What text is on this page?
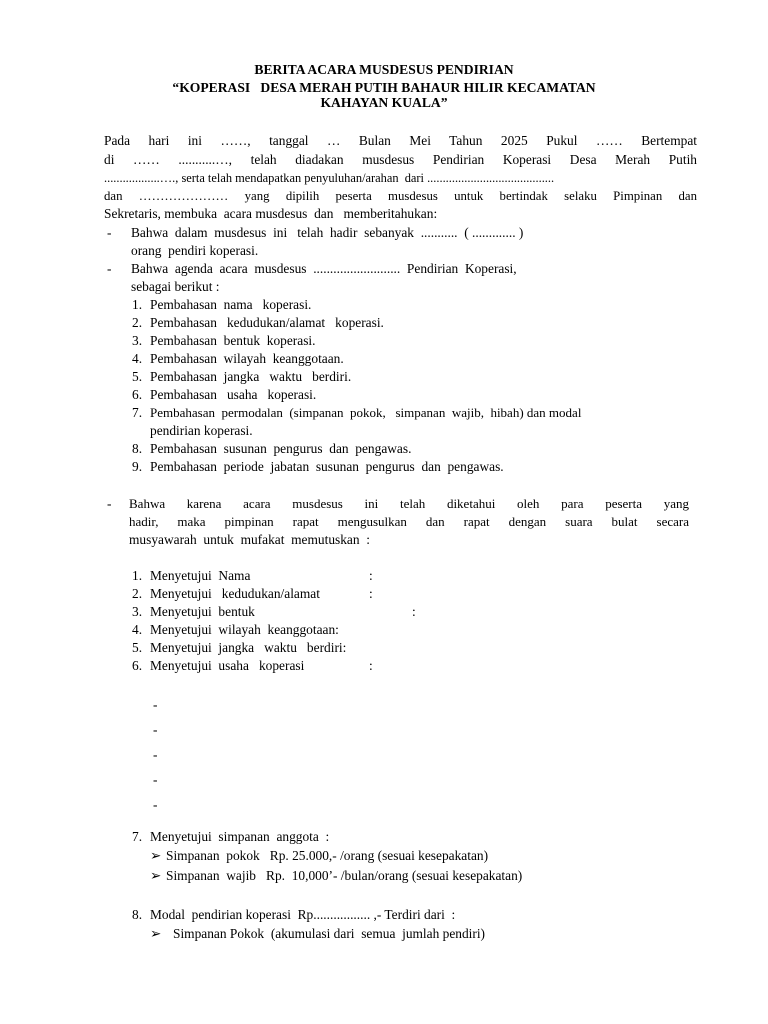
BERITA ACARA MUSDESUS PENDIRIAN
“KOPERASI   DESA MERAH PUTIH BAHAUR HILIR KECAMATAN
KAHAYAN KUALA”
Pada hari ini ……, tanggal … Bulan Mei Tahun 2025 Pukul …… Bertempat
di …… ...........…, telah diadakan musdesus Pendirian Koperasi Desa Merah Putih
..................…., serta telah mendapatkan penyuluhan/arahan  dari .........................................
dan ………………… yang dipilih peserta musdesus untuk bertindak selaku Pimpinan dan
Sekretaris, membuka  acara musdesus  dan   memberitahukan:
- Bahwa  dalam  musdesus  ini   telah  hadir  sebanyak  ...........  ( ............. )
orang  pendiri koperasi.
- Bahwa  agenda  acara  musdesus  ..........................  Pendirian  Koperasi,
sebagai berikut :
1. Pembahasan  nama   koperasi.
2. Pembahasan   kedudukan/alamat   koperasi.
3. Pembahasan  bentuk  koperasi.
4. Pembahasan  wilayah  keanggotaan.
5. Pembahasan  jangka   waktu   berdiri.
6. Pembahasan   usaha   koperasi.
7. Pembahasan  permodalan  (simpanan  pokok,   simpanan  wajib,  hibah) dan modal
pendirian koperasi.
8. Pembahasan  susunan  pengurus  dan  pengawas.
9. Pembahasan  periode  jabatan  susunan  pengurus  dan  pengawas.
- Bahwa karena acara musdesus ini telah diketahui oleh para peserta yang
hadir, maka pimpinan rapat mengusulkan dan rapat dengan suara bulat secara
musyawarah  untuk  mufakat  memutuskan  :
1. Menyetujui  Nama	:
2. Menyetujui   kedudukan/alamat	:
3. Menyetujui  bentuk	:
4. Menyetujui  wilayah  keanggotaan:
5. Menyetujui  jangka   waktu   berdiri:
6. Menyetujui  usaha   koperasi	:
-
-
-
-
-
7. Menyetujui  simpanan  anggota  :
➢ Simpanan  pokok   Rp. 25.000,- /orang (sesuai kesepakatan)
➢ Simpanan  wajib   Rp.  10,000’- /bulan/orang (sesuai kesepakatan)
8. Modal  pendirian koperasi  Rp................. ,- Terdiri dari  :
➢ Simpanan Pokok  (akumulasi dari  semua  jumlah pendiri)
